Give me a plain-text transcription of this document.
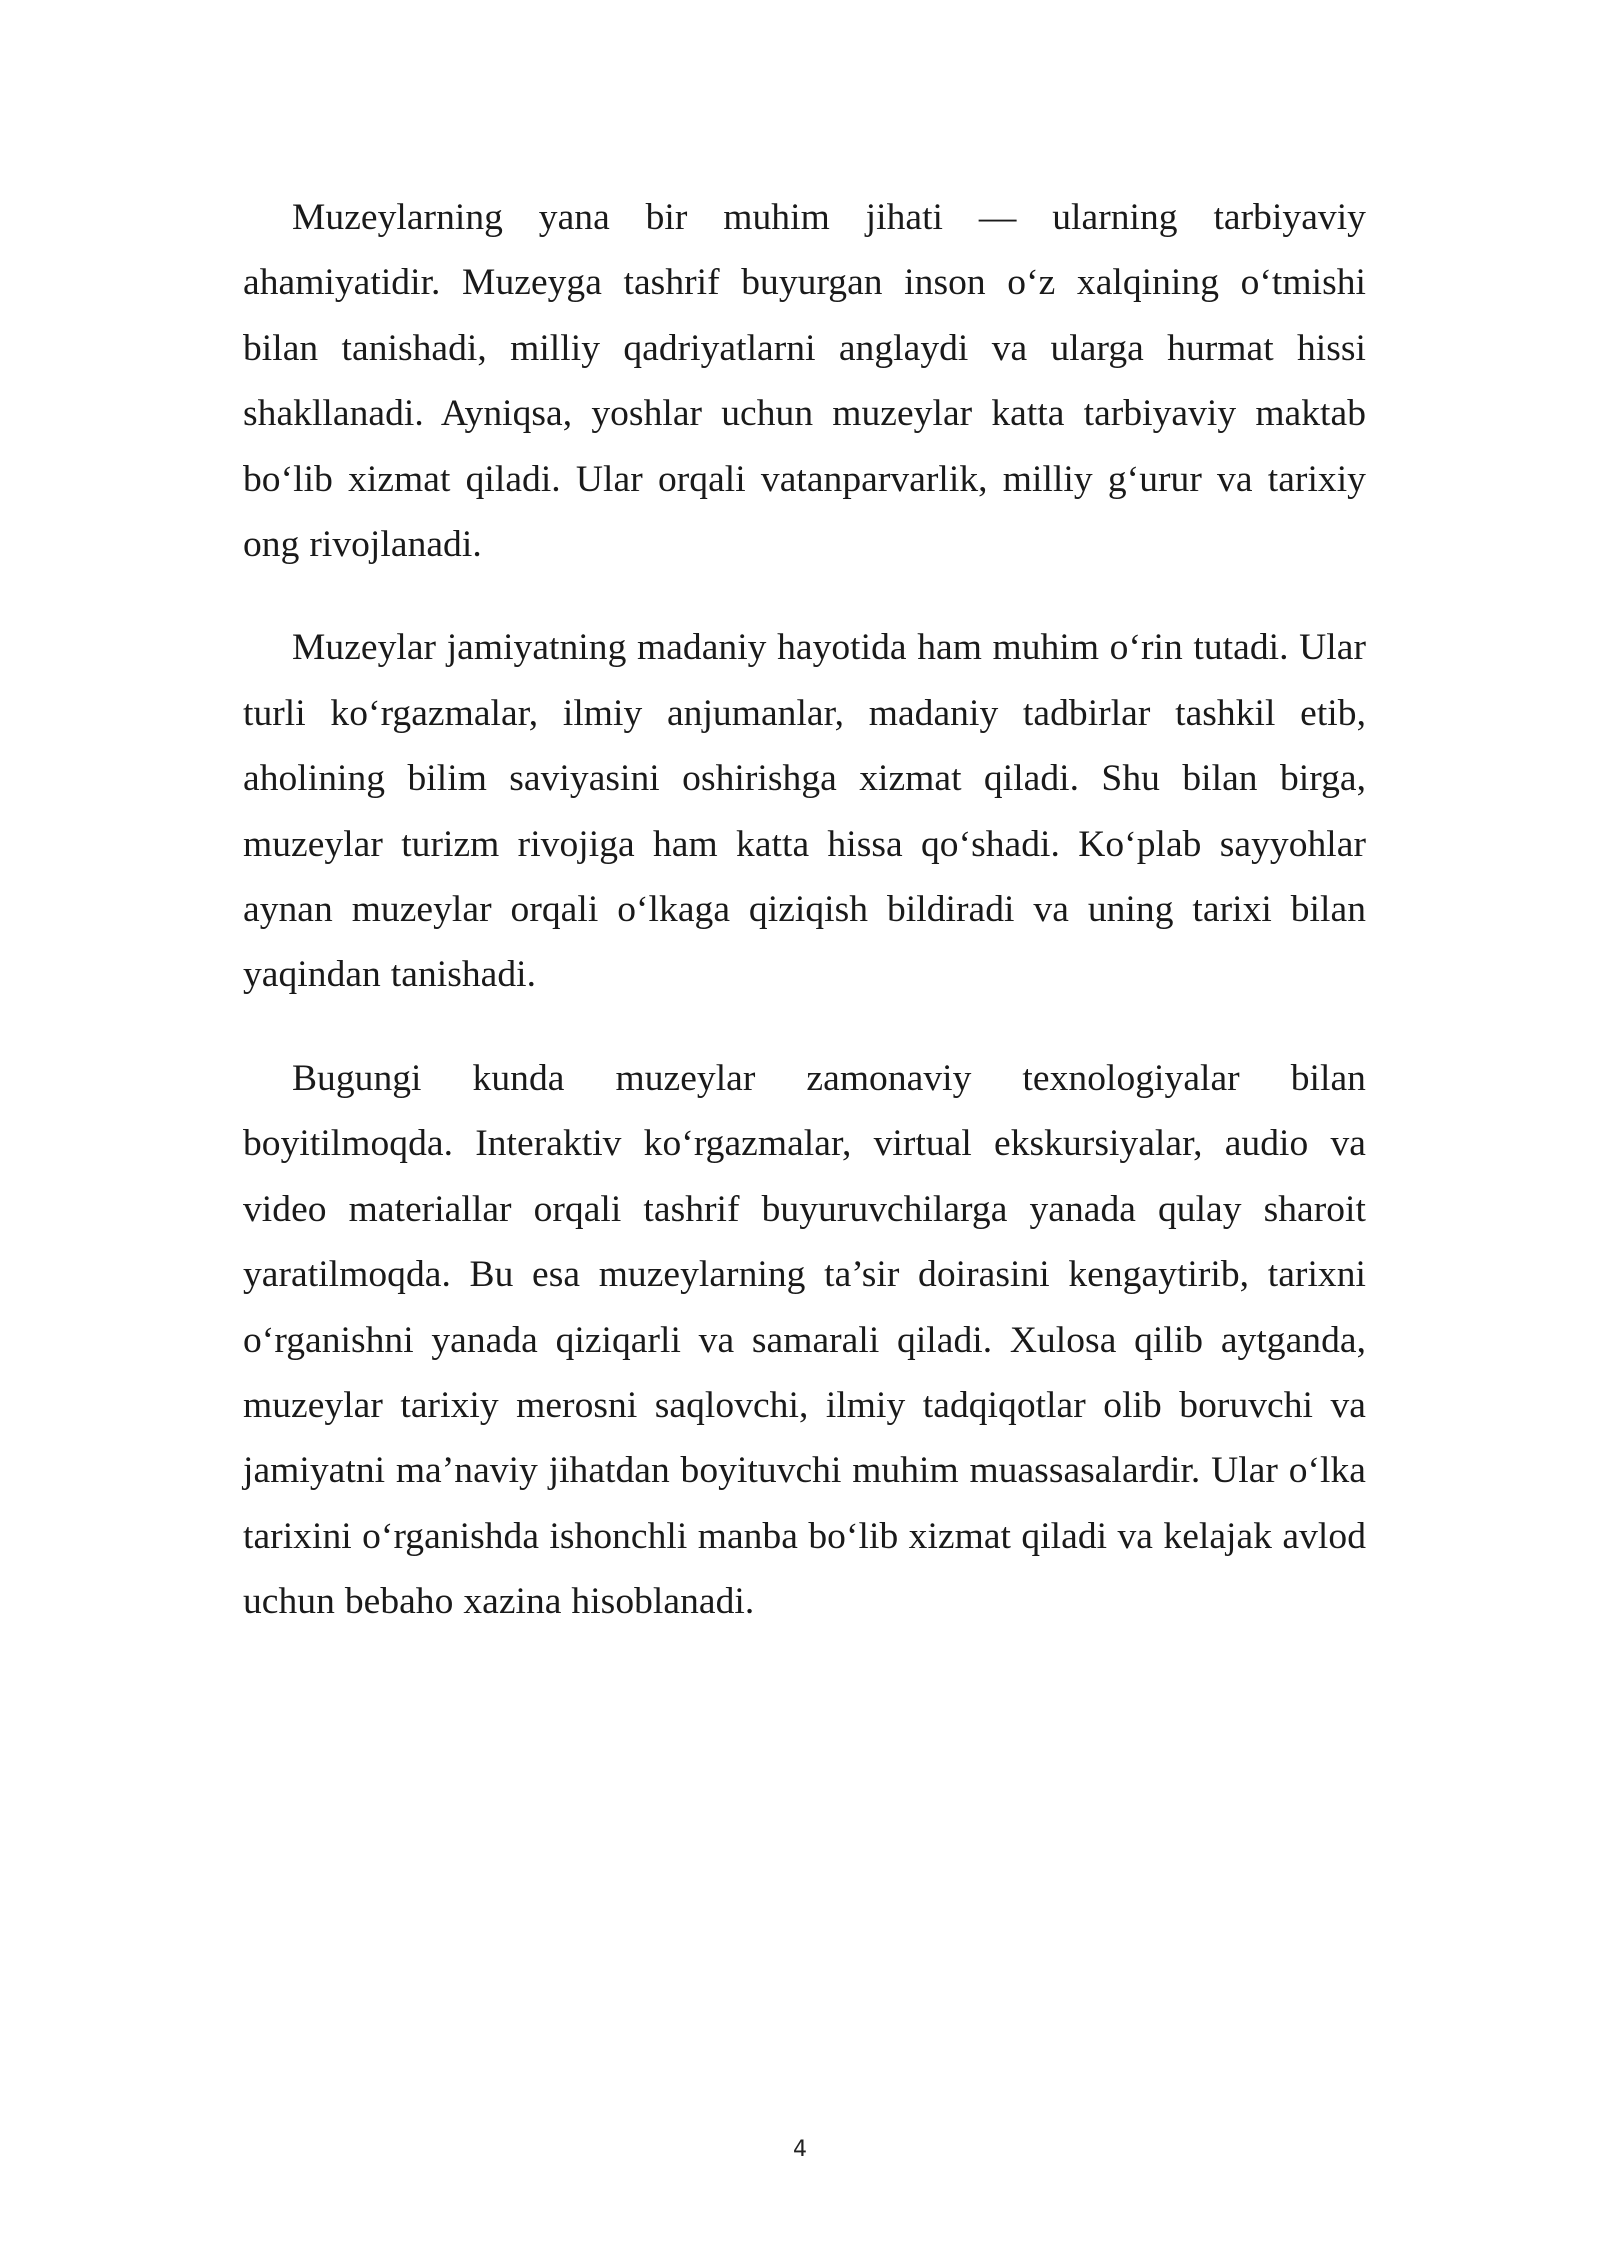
Muzeylarning yana bir muhim jihati — ularning tarbiyaviy ahamiyatidir. Muzeyga tashrif buyurgan inson o‘z xalqining o‘tmishi bilan tanishadi, milliy qadriyatlarni anglaydi va ularga hurmat hissi shakllanadi. Ayniqsa, yoshlar uchun muzeylar katta tarbiyaviy maktab bo‘lib xizmat qiladi. Ular orqali vatanparvarlik, milliy g‘urur va tarixiy ong rivojlanadi.

Muzeylar jamiyatning madaniy hayotida ham muhim o‘rin tutadi. Ular turli ko‘rgazmalar, ilmiy anjumanlar, madaniy tadbirlar tashkil etib, aholining bilim saviyasini oshirishga xizmat qiladi. Shu bilan birga, muzeylar turizm rivojiga ham katta hissa qo‘shadi. Ko‘plab sayyohlar aynan muzeylar orqali o‘lkaga qiziqish bildiradi va uning tarixi bilan yaqindan tanishadi.

Bugungi kunda muzeylar zamonaviy texnologiyalar bilan boyitilmoqda. Interaktiv ko‘rgazmalar, virtual ekskursiyalar, audio va video materiallar orqali tashrif buyuruvchilarga yanada qulay sharoit yaratilmoqda. Bu esa muzeylarning ta’sir doirasini kengaytirib, tarixni o‘rganishni yanada qiziqarli va samarali qiladi. Xulosa qilib aytganda, muzeylar tarixiy merosni saqlovchi, ilmiy tadqiqotlar olib boruvchi va jamiyatni ma’naviy jihatdan boyituvchi muhim muassasalardir. Ular o‘lka tarixini o‘rganishda ishonchli manba bo‘lib xizmat qiladi va kelajak avlod uchun bebaho xazina hisoblanadi.

4
